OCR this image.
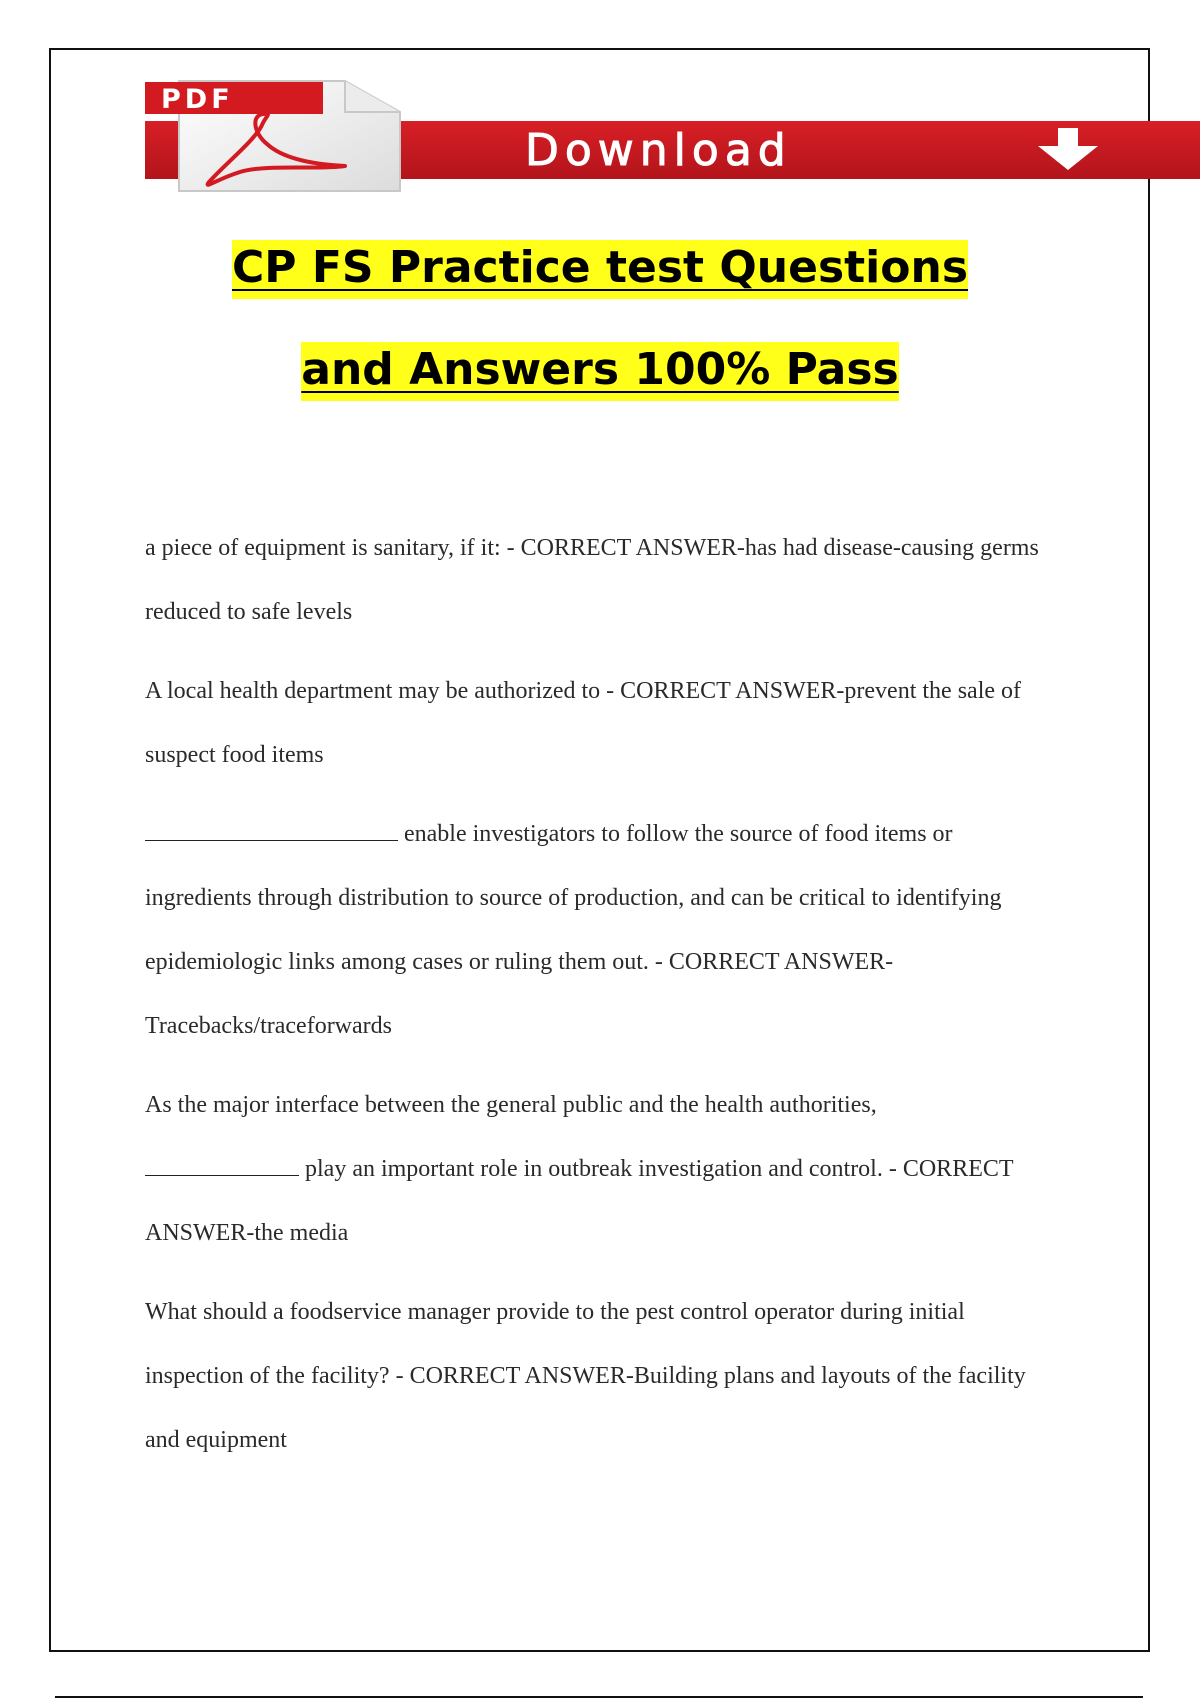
Download
PDF
CP FS Practice test Questions
and Answers 100% Pass

a piece of equipment is sanitary, if it: - CORRECT ANSWER-has had disease-causing germs reduced to safe levels

A local health department may be authorized to - CORRECT ANSWER-prevent the sale of suspect food items

enable investigators to follow the source of food items or ingredients through distribution to source of production, and can be critical to identifying epidemiologic links among cases or ruling them out. - CORRECT ANSWER-Tracebacks/traceforwards

As the major interface between the general public and the health authorities,
play an important role in outbreak investigation and control. - CORRECT ANSWER-the media

What should a foodservice manager provide to the pest control operator during initial inspection of the facility? - CORRECT ANSWER-Building plans and layouts of the facility and equipment
